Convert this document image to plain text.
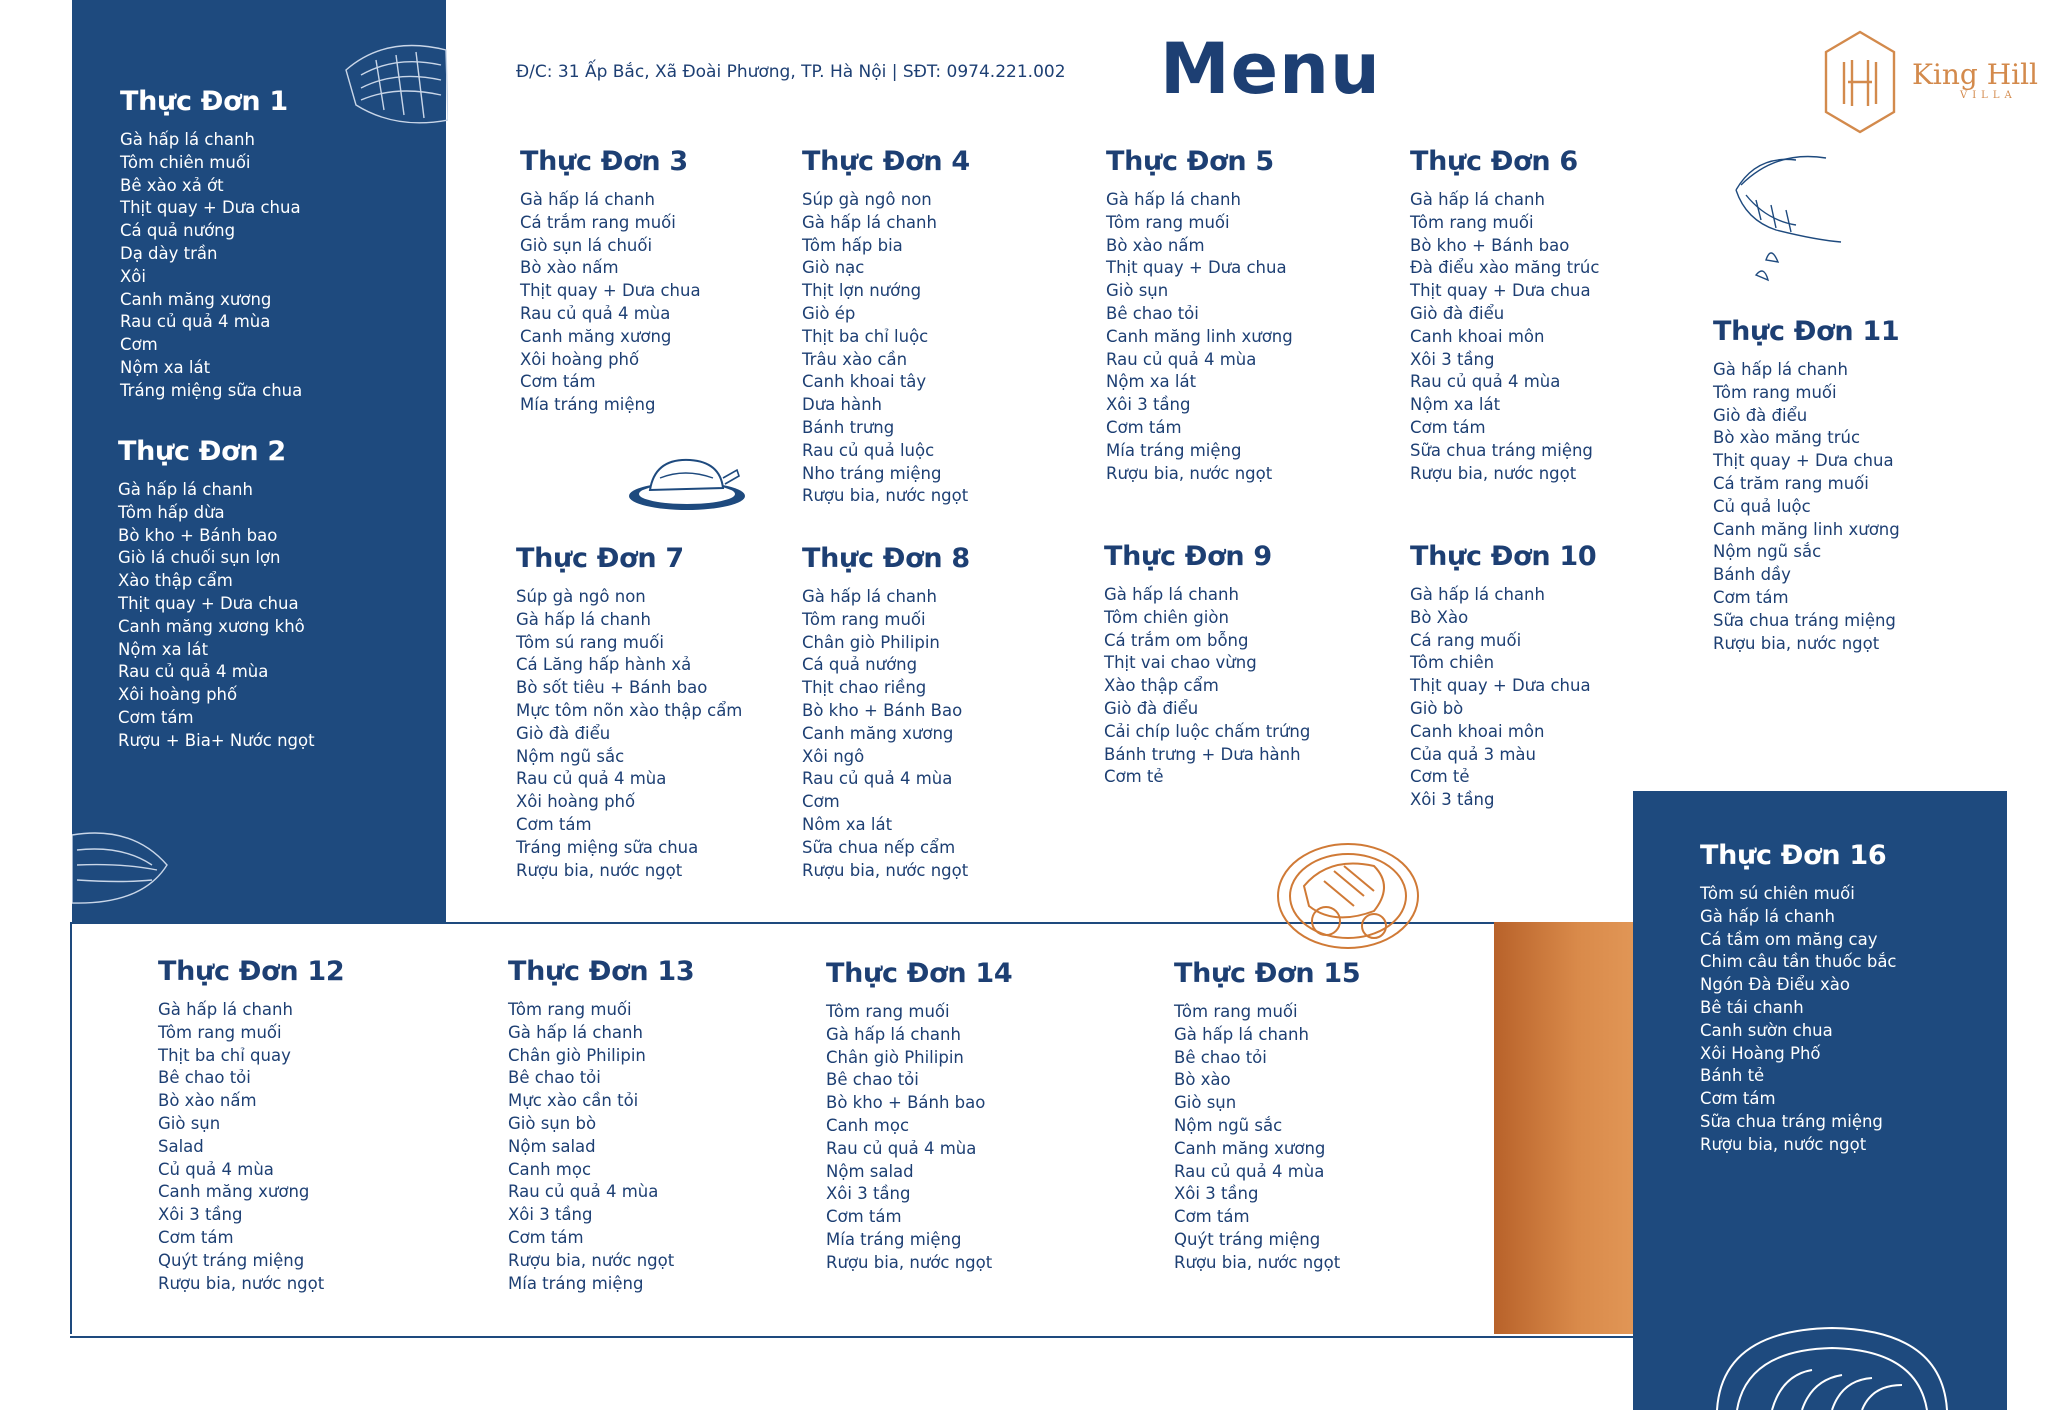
Đ/C: 31 Ấp Bắc, Xã Đoài Phương, TP. Hà Nội | SĐT: 0974.221.002 Menu	King Hill
VILLA
Thực Đơn 1
Gà hấp lá chanh
Tôm chiên muối
Bê xào xả ớt
Thịt quay + Dưa chua
Cá quả nướng
Dạ dày trần
Xôi
Canh măng xương
Rau củ quả 4 mùa
Cơm
Nộm xa lát
Tráng miệng sữa chua
Thực Đơn 2
Gà hấp lá chanh
Tôm hấp dừa
Bò kho + Bánh bao
Giò lá chuối sụn lợn
Xào thập cẩm
Thịt quay + Dưa chua
Canh măng xương khô
Nộm xa lát
Rau củ quả 4 mùa
Xôi hoàng phố
Cơm tám
Rượu + Bia+ Nước ngọt
Thực Đơn 3
Gà hấp lá chanh
Cá trắm rang muối
Giò sụn lá chuối
Bò xào nấm
Thịt quay + Dưa chua
Rau củ quả 4 mùa
Canh măng xương
Xôi hoàng phố
Cơm tám
Mía tráng miệng
Thực Đơn 4
Súp gà ngô non
Gà hấp lá chanh
Tôm hấp bia
Giò nạc
Thịt lợn nướng
Giò ép
Thịt ba chỉ luộc
Trâu xào cần
Canh khoai tây
Dưa hành
Bánh trưng
Rau củ quả luộc
Nho tráng miệng
Rượu bia, nước ngọt
Thực Đơn 5
Gà hấp lá chanh
Tôm rang muối
Bò xào nấm
Thịt quay + Dưa chua
Giò sụn
Bê chao tỏi
Canh măng linh xương
Rau củ quả 4 mùa
Nộm xa lát
Xôi 3 tầng
Cơm tám
Mía tráng miệng
Rượu bia, nước ngọt
Thực Đơn 6
Gà hấp lá chanh
Tôm rang muối
Bò kho + Bánh bao
Đà điểu xào măng trúc
Thịt quay + Dưa chua
Giò đà điểu
Canh khoai môn
Xôi 3 tầng
Rau củ quả 4 mùa
Nộm xa lát
Cơm tám
Sữa chua tráng miệng
Rượu bia, nước ngọt
Thực Đơn 11
Gà hấp lá chanh
Tôm rang muối
Giò đà điểu
Bò xào măng trúc
Thịt quay + Dưa chua
Cá trăm rang muối
Củ quả luộc
Canh măng linh xương
Nộm ngũ sắc
Bánh dầy
Cơm tám
Sữa chua tráng miệng
Rượu bia, nước ngọt
Thực Đơn 7
Súp gà ngô non
Gà hấp lá chanh
Tôm sú rang muối
Cá Lăng hấp hành xả
Bò sốt tiêu + Bánh bao
Mực tôm nõn xào thập cẩm
Giò đà điểu
Nộm ngũ sắc
Rau củ quả 4 mùa
Xôi hoàng phố
Cơm tám
Tráng miệng sữa chua
Rượu bia, nước ngọt
Thực Đơn 8
Gà hấp lá chanh
Tôm rang muối
Chân giò Philipin
Cá quả nướng
Thịt chao riềng
Bò kho + Bánh Bao
Canh măng xương
Xôi ngô
Rau củ quả 4 mùa
Cơm
Nôm xa lát
Sữa chua nếp cẩm
Rượu bia, nước ngọt
Thực Đơn 9
Gà hấp lá chanh
Tôm chiên giòn
Cá trắm om bỗng
Thịt vai chao vừng
Xào thập cẩm
Giò đà điểu
Cải chíp luộc chấm trứng
Bánh trưng + Dưa hành
Cơm tẻ
Thực Đơn 10
Gà hấp lá chanh
Bò Xào
Cá rang muối
Tôm chiên
Thịt quay + Dưa chua
Giò bò
Canh khoai môn
Của quả 3 màu
Cơm tẻ
Xôi 3 tầng
Thực Đơn 12
Gà hấp lá chanh
Tôm rang muối
Thịt ba chỉ quay
Bê chao tỏi
Bò xào nấm
Giò sụn
Salad
Củ quả 4 mùa
Canh măng xương
Xôi 3 tầng
Cơm tám
Quýt tráng miệng
Rượu bia, nước ngọt
Thực Đơn 13
Tôm rang muối
Gà hấp lá chanh
Chân giò Philipin
Bê chao tỏi
Mực xào cần tỏi
Giò sụn bò
Nộm salad
Canh mọc
Rau củ quả 4 mùa
Xôi 3 tầng
Cơm tám
Rượu bia, nước ngọt
Mía tráng miệng
Thực Đơn 14
Tôm rang muối
Gà hấp lá chanh
Chân giò Philipin
Bê chao tỏi
Bò kho + Bánh bao
Canh mọc
Rau củ quả 4 mùa
Nộm salad
Xôi 3 tầng
Cơm tám
Mía tráng miệng
Rượu bia, nước ngọt
Thực Đơn 15
Tôm rang muối
Gà hấp lá chanh
Bê chao tỏi
Bò xào
Giò sụn
Nộm ngũ sắc
Canh măng xương
Rau củ quả 4 mùa
Xôi 3 tầng
Cơm tám
Quýt tráng miệng
Rượu bia, nước ngọt
Thực Đơn 16
Tôm sú chiên muối
Gà hấp lá chanh
Cá tầm om măng cay
Chim câu tần thuốc bắc
Ngón Đà Điểu xào
Bê tái chanh
Canh sườn chua
Xôi Hoàng Phố
Bánh tẻ
Cơm tám
Sữa chua tráng miệng
Rượu bia, nước ngọt
